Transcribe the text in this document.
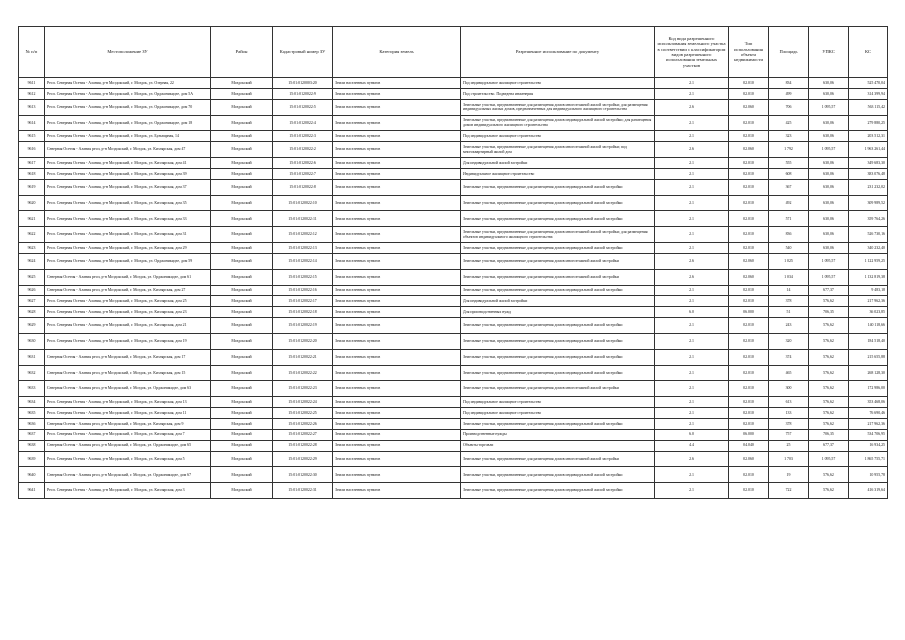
№ п/п	Местоположение ЗУ	Район	Кадастровый номер ЗУ	Категория земель	Разрешенное использование по документу	Код вида разрешенного использования земельного участка в соответствии с классификатором видов разрешенного использования земельных участков	Тип использования объекта недвижимости	Площадь	УПКС	КС
9611	Респ. Северная Осетия - Алания, р-н Моздокский, г. Моздок, ул. Озерная, 22	Моздокский	15:01:0120003:20	Земли населенных пунктов	Под индивидуальное жилищное строительство	2.1	02.010	834	630,06	525 470,04
9612	Респ. Северная Осетия - Алания, р-н Моздокский, г. Моздок, ул. Орджоникидзе, дом 5А	Моздокский	15:01:0120022:9	Земли населенных пунктов	Под строительство. Подведена инженерия	2.1	02.010	499	630,06	314 399,94
9613	Респ. Северная Осетия - Алания, р-н Моздокский, г. Моздок, ул. Орджоникидзе, дом 70	Моздокский	15:01:0120022:5	Земли населенных пунктов	Земельные участки, предназначенные для размещения домов многоэтажной жилой застройки; для размещения индивидуальных жилых домов, предназначенных для индивидуального жилищного строительства	2.6	02.060	706	1 095,57	563 115,42
9614	Респ. Северная Осетия - Алания, р-н Моздокский, г. Моздок, ул. Орджоникидзе, дом 18	Моздокский	15:01:0120022:4	Земли населенных пунктов	Земельные участки, предназначенные для размещения домов индивидуальной жилой застройки; для размещения домов индивидуального жилищного строительства	2.1	02.010	425	630,06	279 880,25
9615	Респ. Северная Осетия - Алания, р-н Моздокский, г. Моздок, ул. Бульварная, 14	Моздокский	15:01:0120022:3	Земли населенных пунктов	Под индивидуальное жилищное строительство	2.1	02.010	323	630,06	203 512,31
9616	Северная Осетия - Алания респ, р-н Моздокский, г. Моздок, ул. Кизлярская, дом 47	Моздокский	15:01:0120022:2	Земли населенных пунктов	Земельные участки, предназначенные для размещения домов многоэтажной жилой застройки; под многоквартирный жилой дом	2.6	02.060	1 792	1 095,57	1 963 261,44
9617	Респ. Северная Осетия - Алания, р-н Моздокский, г. Моздок, ул. Кизлярская, дом 41	Моздокский	15:01:0120022:6	Земли населенных пунктов	Для индивидуальной жилой застройки	2.1	02.010	555	630,06	349 683,30
9618	Респ. Северная Осетия - Алания, р-н Моздокский, г. Моздок, ул. Кизлярская, дом 39	Моздокский	15:01:0120022:7	Земли населенных пунктов	Индивидуальное жилищное строительство	2.1	02.010	608	630,06	383 076,48
9619	Респ. Северная Осетия - Алания, р-н Моздокский, г. Моздок, ул. Кизлярская, дом 37	Моздокский	15:01:0120022:8	Земли населенных пунктов	Земельные участки, предназначенные для размещения домов индивидуальной жилой застройки	2.1	02.010	367	630,06	231 232,02
9620	Респ. Северная Осетия - Алания, р-н Моздокский, г. Моздок, ул. Кизлярская, дом 35	Моздокский	15:01:0120022:10	Земли населенных пунктов	Земельные участки, предназначенные для размещения домов индивидуальной жилой застройки	2.1	02.010	492	630,06	309 989,52
9621	Респ. Северная Осетия - Алания, р-н Моздокский, г. Моздок, ул. Кизлярская, дом 33	Моздокский	15:01:0120022:11	Земли населенных пунктов	Земельные участки, предназначенные для размещения домов индивидуальной жилой застройки	2.1	02.010	571	630,06	359 764,26
9622	Респ. Северная Осетия - Алания, р-н Моздокский, г. Моздок, ул. Кизлярская, дом 31	Моздокский	15:01:0120022:12	Земли населенных пунктов	Земельные участки, предназначенные для размещения домов многоэтажной жилой застройки; для размещения объектов индивидуального жилищного строительства	2.1	02.010	836	630,06	526 730,16
9623	Респ. Северная Осетия - Алания, р-н Моздокский, г. Моздок, ул. Кизлярская, дом 29	Моздокский	15:01:0120022:13	Земли населенных пунктов	Земельные участки, предназначенные для размещения домов индивидуальной жилой застройки	2.1	02.010	540	630,06	340 232,40
9624	Респ. Северная Осетия - Алания, р-н Моздокский, г. Моздок, ул. Орджоникидзе, дом 59	Моздокский	15:01:0120022:14	Земли населенных пунктов	Земельные участки, предназначенные для размещения домов многоэтажной жилой застройки	2.6	02.060	1 025	1 095,57	1 122 959,25
9625	Северная Осетия - Алания респ, р-н Моздокский, г. Моздок, ул. Орджоникидзе, дом 61	Моздокский	15:01:0120022:15	Земли населенных пунктов	Земельные участки, предназначенные для размещения домов многоэтажной жилой застройки	2.6	02.060	1 034	1 095,57	1 132 819,38
9626	Северная Осетия - Алания респ, р-н Моздокский, г. Моздок, ул. Кизлярская, дом 27	Моздокский	15:01:0120022:16	Земли населенных пунктов	Земельные участки, предназначенные для размещения домов индивидуальной жилой застройки	2.1	02.010	14	677,37	9 483,18
9627	Респ. Северная Осетия - Алания, р-н Моздокский, г. Моздок, ул. Кизлярская, дом 25	Моздокский	15:01:0120022:17	Земли населенных пунктов	Для индивидуальной жилой застройки	2.1	02.010	378	576,62	217 962,36
9628	Респ. Северная Осетия - Алания, р-н Моздокский, г. Моздок, ул. Кизлярская, дом 23	Моздокский	15:01:0120022:18	Земли населенных пунктов	Для производственных нужд	6.0	06.000	51	706,35	36 023,85
9629	Респ. Северная Осетия - Алания, р-н Моздокский, г. Моздок, ул. Кизлярская, дом 21	Моздокский	15:01:0120022:19	Земли населенных пунктов	Земельные участки, предназначенные для размещения домов индивидуальной жилой застройки	2.1	02.010	243	576,62	140 118,66
9630	Респ. Северная Осетия - Алания, р-н Моздокский, г. Моздок, ул. Кизлярская, дом 19	Моздокский	15:01:0120022:20	Земли населенных пунктов	Земельные участки, предназначенные для размещения домов индивидуальной жилой застройки	2.1	02.010	320	576,62	184 518,40
9631	Северная Осетия - Алания респ, р-н Моздокский, г. Моздок, ул. Кизлярская, дом 17	Моздокский	15:01:0120022:21	Земли населенных пунктов	Земельные участки, предназначенные для размещения домов индивидуальной жилой застройки	2.1	02.010	374	576,62	215 655,88
9632	Северная Осетия - Алания респ, р-н Моздокский, г. Моздок, ул. Кизлярская, дом 15	Моздокский	15:01:0120022:22	Земли населенных пунктов	Земельные участки, предназначенные для размещения домов индивидуальной жилой застройки	2.1	02.010	465	576,62	268 128,30
9633	Северная Осетия - Алания респ, р-н Моздокский, г. Моздок, ул. Орджоникидзе, дом 63	Моздокский	15:01:0120022:23	Земли населенных пунктов	Земельные участки, предназначенные для размещения домов многоэтажной жилой застройки	2.1	02.010	300	576,62	172 986,00
9634	Респ. Северная Осетия - Алания, р-н Моздокский, г. Моздок, ул. Кизлярская, дом 13	Моздокский	15:01:0120022:24	Земли населенных пунктов	Под индивидуальное жилищное строительство	2.1	02.010	613	576,62	353 468,06
9635	Респ. Северная Осетия - Алания, р-н Моздокский, г. Моздок, ул. Кизлярская, дом 11	Моздокский	15:01:0120022:25	Земли населенных пунктов	Под индивидуальное жилищное строительство	2.1	02.010	133	576,62	76 690,46
9636	Северная Осетия - Алания респ, р-н Моздокский, г. Моздок, ул. Кизлярская, дом 9	Моздокский	15:01:0120022:26	Земли населенных пунктов	Земельные участки, предназначенные для размещения домов индивидуальной жилой застройки	2.1	02.010	378	576,62	217 962,36
9637	Респ. Северная Осетия - Алания, р-н Моздокский, г. Моздок, ул. Кизлярская, дом 7	Моздокский	15:01:0120022:27	Земли населенных пунктов	Производственные нужды	6.0	06.000	757	706,35	534 706,95
9638	Северная Осетия - Алания респ, р-н Моздокский, г. Моздок, ул. Орджоникидзе, дом 65	Моздокский	15:01:0120022:28	Земли населенных пунктов	Объекты торговли	4.4	04.040	25	677,37	16 934,25
9639	Респ. Северная Осетия - Алания, р-н Моздокский, г. Моздок, ул. Кизлярская, дом 5	Моздокский	15:01:0120022:29	Земли населенных пунктов	Земельные участки, предназначенные для размещения домов многоэтажной жилой застройки	2.6	02.060	1 703	1 095,57	1 865 755,71
9640	Северная Осетия - Алания респ, р-н Моздокский, г. Моздок, ул. Орджоникидзе, дом 67	Моздокский	15:01:0120022:30	Земли населенных пунктов	Земельные участки, предназначенные для размещения домов индивидуальной жилой застройки	2.1	02.010	19	576,62	10 955,78
9641	Респ. Северная Осетия - Алания, р-н Моздокский, г. Моздок, ул. Кизлярская, дом 3	Моздокский	15:01:0120022:31	Земли населенных пунктов	Земельные участки, предназначенные для размещения домов индивидуальной жилой застройки	2.1	02.010	722	576,62	416 319,64
